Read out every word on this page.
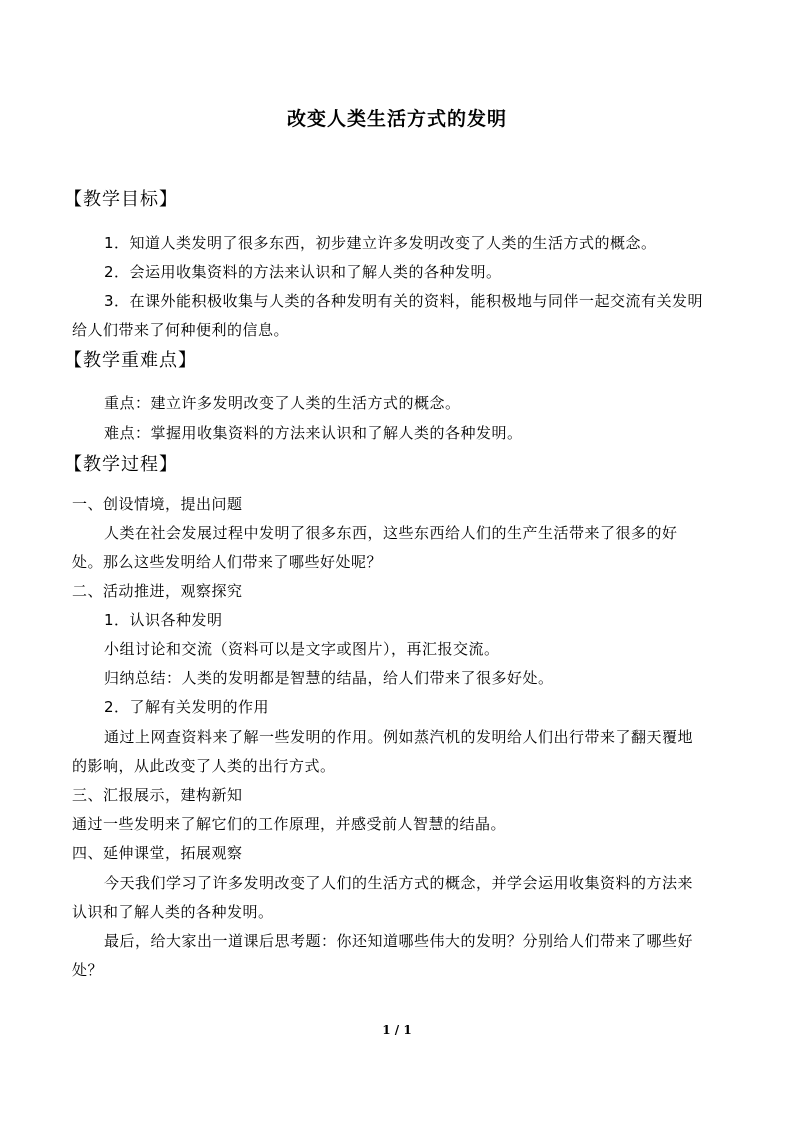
改变人类生活方式的发明
【教学目标】
1．知道人类发明了很多东西，初步建立许多发明改变了人类的生活方式的概念。
2．会运用收集资料的方法来认识和了解人类的各种发明。
3．在课外能积极收集与人类的各种发明有关的资料，能积极地与同伴一起交流有关发明
给人们带来了何种便利的信息。
【教学重难点】
重点：建立许多发明改变了人类的生活方式的概念。
难点：掌握用收集资料的方法来认识和了解人类的各种发明。
【教学过程】
一、创设情境，提出问题
人类在社会发展过程中发明了很多东西，这些东西给人们的生产生活带来了很多的好
处。那么这些发明给人们带来了哪些好处呢？
二、活动推进，观察探究
1．认识各种发明
小组讨论和交流（资料可以是文字或图片），再汇报交流。
归纳总结：人类的发明都是智慧的结晶，给人们带来了很多好处。
2．了解有关发明的作用
通过上网查资料来了解一些发明的作用。例如蒸汽机的发明给人们出行带来了翻天覆地
的影响，从此改变了人类的出行方式。
三、汇报展示，建构新知
通过一些发明来了解它们的工作原理，并感受前人智慧的结晶。
四、延伸课堂，拓展观察
今天我们学习了许多发明改变了人们的生活方式的概念，并学会运用收集资料的方法来
认识和了解人类的各种发明。
最后，给大家出一道课后思考题：你还知道哪些伟大的发明？分别给人们带来了哪些好
处？
1 / 1
